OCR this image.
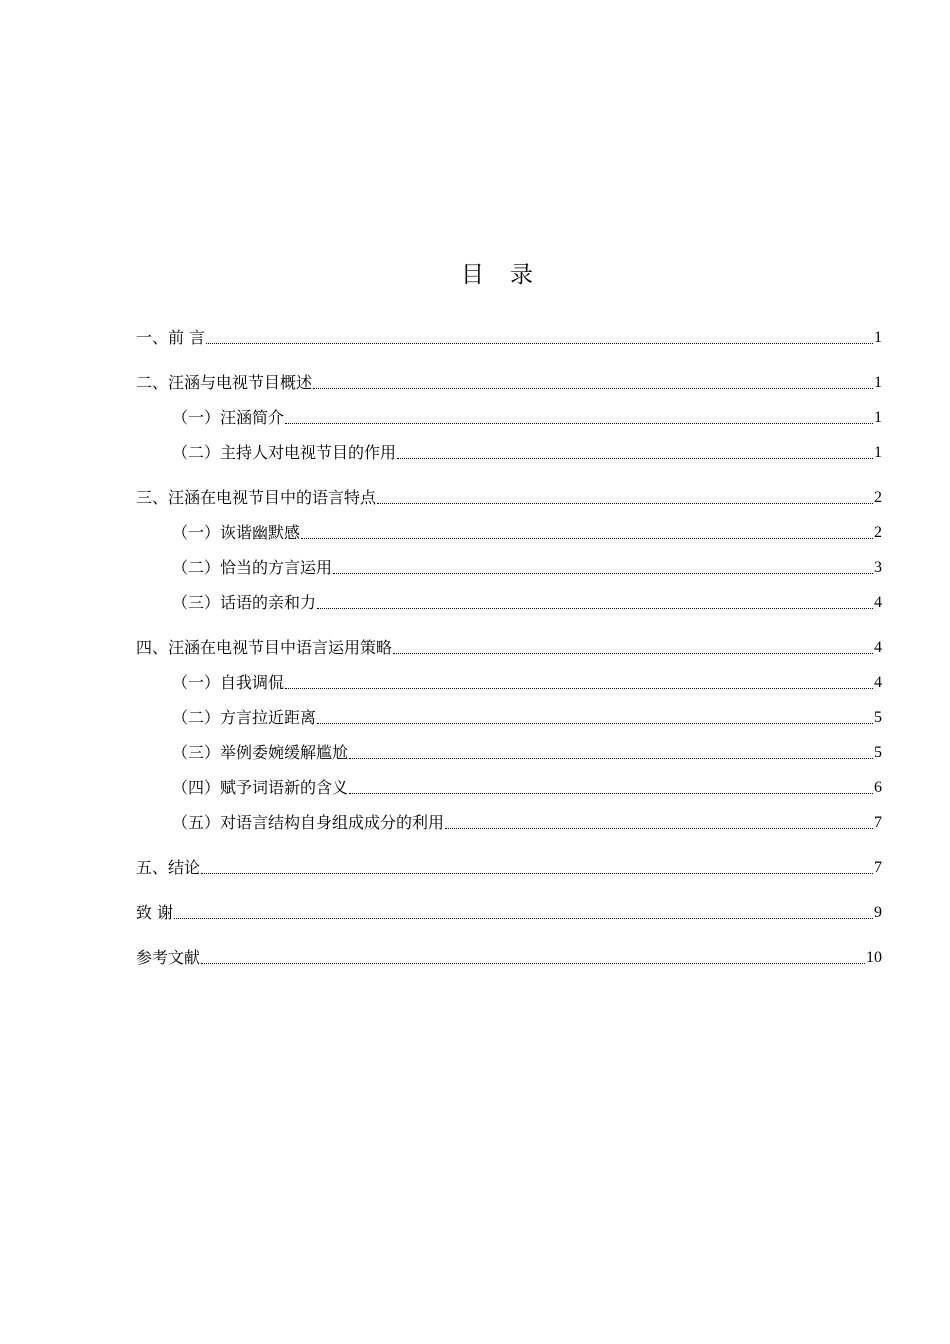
目录
一、前 言	1
二、汪涵与电视节目概述	1
（一）汪涵简介	1
（二）主持人对电视节目的作用	1
三、汪涵在电视节目中的语言特点	2
（一）诙谐幽默感	2
（二）恰当的方言运用	3
（三）话语的亲和力	4
四、汪涵在电视节目中语言运用策略	4
（一）自我调侃	4
（二）方言拉近距离	5
（三）举例委婉缓解尴尬	5
（四）赋予词语新的含义	6
（五）对语言结构自身组成成分的利用	7
五、结论	7
致 谢	9
参考文献	10
